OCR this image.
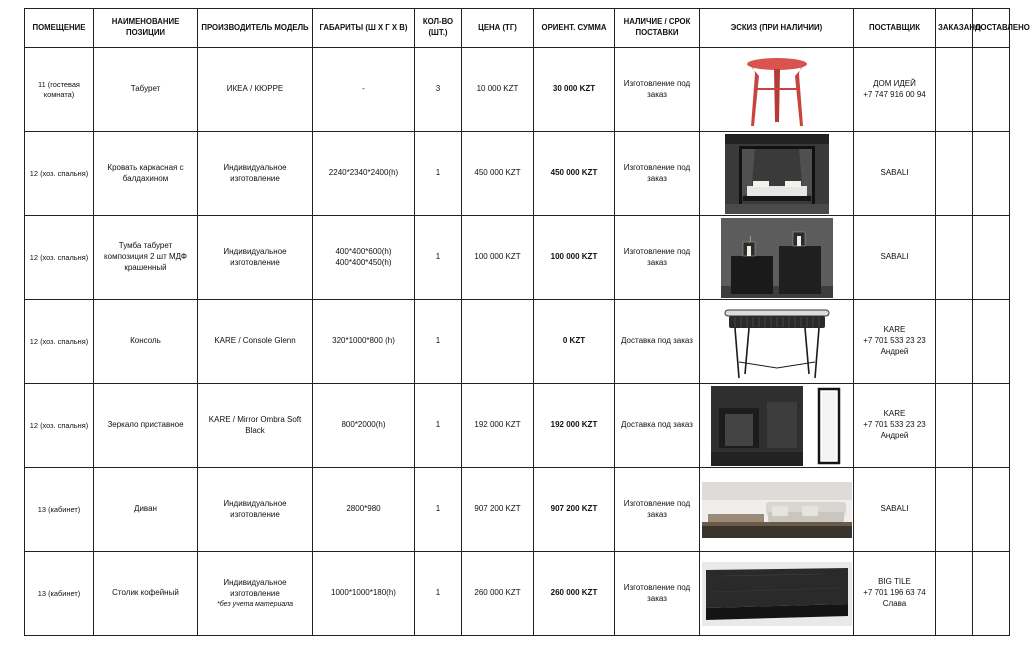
ПОМЕЩЕНИЕ	НАИМЕНОВАНИЕ ПОЗИЦИИ	ПРОИЗВОДИТЕЛЬ МОДЕЛЬ	ГАБАРИТЫ (Ш Х Г Х В)	КОЛ-ВО (ШТ.)	ЦЕНА (ТГ)	ОРИЕНТ. СУММА	НАЛИЧИЕ / СРОК ПОСТАВКИ	ЭСКИЗ (ПРИ НАЛИЧИИ)	ПОСТАВЩИК	ЗАКАЗАНО	ДОСТАВЛЕНО
11 (гостевая комната)	Табурет	ИКЕА / КЮРРЕ	-	3	10 000 KZT	30 000 KZT	Изготовление под заказ		ДОМ ИДЕЙ
+7 747 916 00 94		
12 (хоз. спальня)	Кровать каркасная с балдахином	Индивидуальное изготовление	2240*2340*2400(h)	1	450 000 KZT	450 000 KZT	Изготовление под заказ		SABALI		
12 (хоз. спальня)	Тумба табурет композиция 2 шт МДФ крашенный	Индивидуальное изготовление	400*400*600(h)
400*400*450(h)	1	100 000 KZT	100 000 KZT	Изготовление под заказ		SABALI		
12 (хоз. спальня)	Консоль	KARE / Console Glenn	320*1000*800 (h)	1		0 KZT	Доставка под заказ		KARE
+7 701 533 23 23
Андрей		
12 (хоз. спальня)	Зеркало приставное	KARE / Mirror Ombra Soft Black	800*2000(h)	1	192 000 KZT	192 000 KZT	Доставка под заказ		KARE
+7 701 533 23 23
Андрей		
13 (кабинет)	Диван	Индивидуальное изготовление	2800*980	1	907 200 KZT	907 200 KZT	Изготовление под заказ		SABALI		
13 (кабинет)	Столик кофейный	Индивидуальное изготовление
*без учета материала	1000*1000*180(h)	1	260 000 KZT	260 000 KZT	Изготовление под заказ		BIG TILE
+7 701 196 63 74
Слава		
